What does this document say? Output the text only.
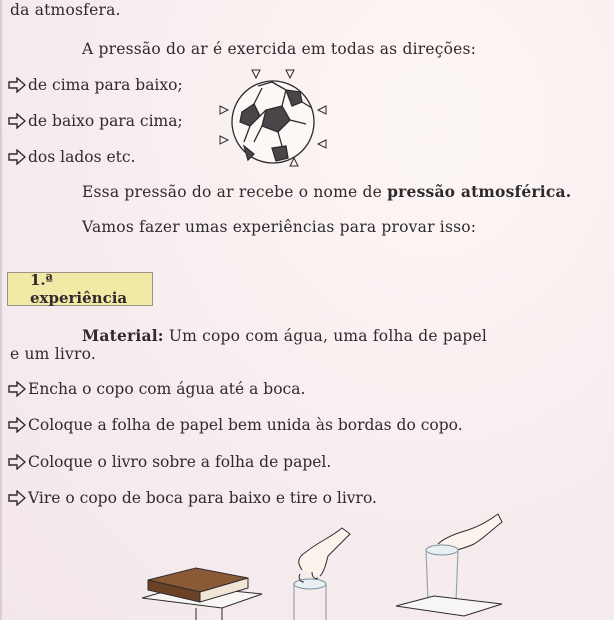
da atmosfera.
A pressão do ar é exercida em todas as direções:
de cima para baixo;
de baixo para cima;
dos lados etc.
Essa pressão do ar recebe o nome de pressão atmosférica.
Vamos fazer umas experiências para provar isso:
1.ª experiência
Material: Um copo com água, uma folha de papel
e um livro.
Encha o copo com água até a boca.
Coloque a folha de papel bem unida às bordas do copo.
Coloque o livro sobre a folha de papel.
Vire o copo de boca para baixo e tire o livro.
